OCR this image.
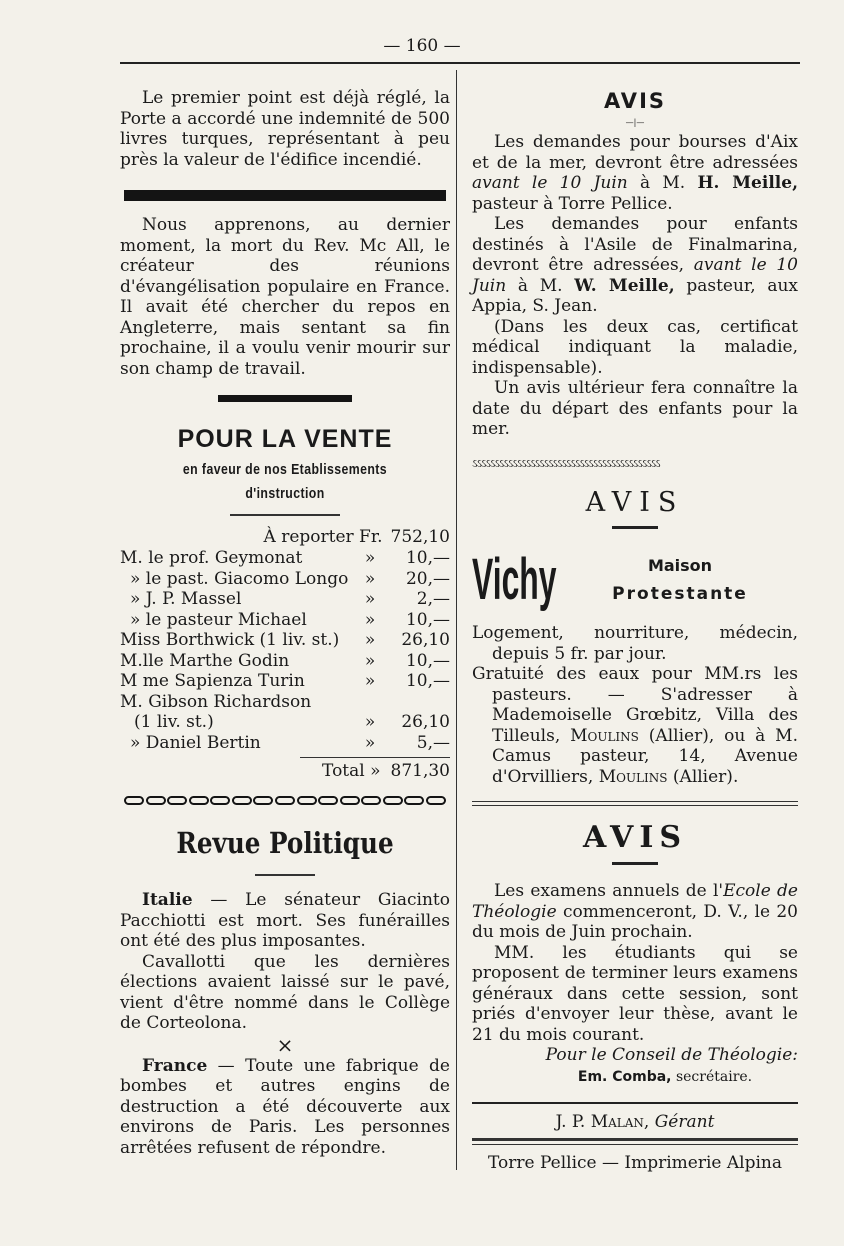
— 160 —

Le premier point est déjà réglé, la Porte a accordé une indemnité de 500 livres turques, représentant à peu près la valeur de l'édifice incendié.

Nous apprenons, au dernier moment, la mort du Rev. Mc All, le créateur des réunions d'évangélisation populaire en France. Il avait été chercher du repos en Angleterre, mais sentant sa fin prochaine, il a voulu venir mourir sur son champ de travail.

POUR LA VENTE
en faveur de nos Etablissements d'instruction
À reporter Fr. 752,10
M. le prof. Geymonat	»	10,—
» le past. Giacomo Longo	»	20,—
» J. P. Massel	»	2,—
» le pasteur Michael	»	10,—
Miss Borthwick (1 liv. st.)	»	26,10
M.lle Marthe Godin	»	10,—
M me Sapienza Turin	»	10,—
M. Gibson Richardson		
(1 liv. st.)	»	26,10
» Daniel Bertin	»	5,—
Total » 871,30
Revue Politique

Italie — Le sénateur Giacinto Pacchiotti est mort. Ses funérailles ont été des plus imposantes.

Cavallotti que les dernières élections avaient laissé sur le pavé, vient d'être nommé dans le Collège de Corteolona.

×

France — Toute une fabrique de bombes et autres engins de destruction a été découverte aux environs de Paris. Les personnes arrêtées refusent de répondre.

AVIS
—|—

Les demandes pour bourses d'Aix et de la mer, devront être adressées avant le 10 Juin à M. H. Meille, pasteur à Torre Pellice.

Les demandes pour enfants destinés à l'Asile de Finalmarina, devront être adressées, avant le 10 Juin à M. W. Meille, pasteur, aux Appia, S. Jean.

(Dans les deux cas, certificat médical indiquant la maladie, indispensable).

Un avis ultérieur fera connaître la date du départ des enfants pour la mer.

ઽઽઽઽઽઽઽઽઽઽઽઽઽઽઽઽઽઽઽઽઽઽઽઽઽઽઽઽઽઽઽઽઽઽઽઽઽઽઽઽઽઽ
AVIS
Vichy	Maison
Protestante

Logement, nourriture, médecin, depuis 5 fr. par jour.

Gratuité des eaux pour MM.rs les pasteurs. — S'adresser à Mademoiselle Grœbitz, Villa des Tilleuls, Moulins (Allier), ou à M. Camus pasteur, 14, Avenue d'Orvilliers, Moulins (Allier).

AVIS

Les examens annuels de l'Ecole de Théologie commenceront, D. V., le 20 du mois de Juin prochain.

MM. les étudiants qui se proposent de terminer leurs examens généraux dans cette session, sont priés d'envoyer leur thèse, avant le 21 du mois courant.

Pour le Conseil de Théologie:
Em. Comba, secrétaire.
J. P. Malan, Gérant
Torre Pellice — Imprimerie Alpina
